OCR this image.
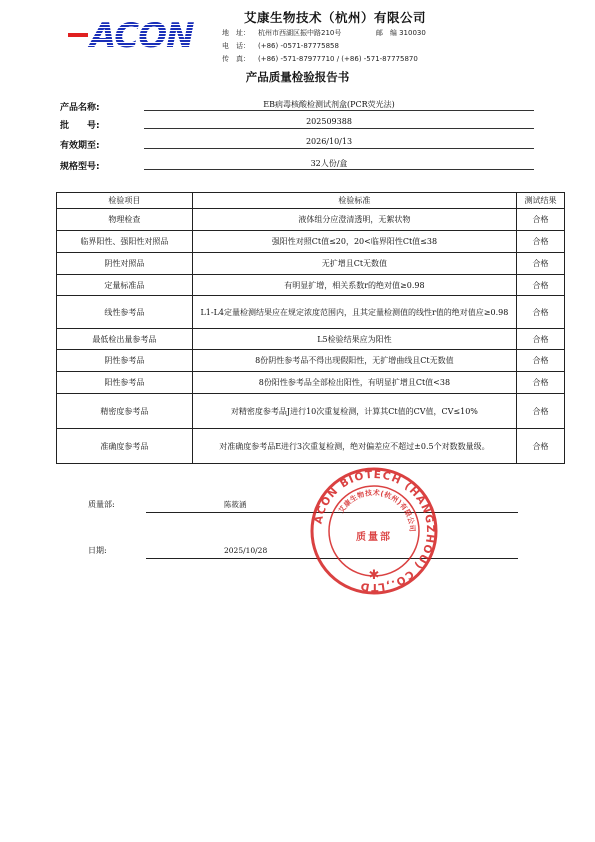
ACON	艾康生物技术（杭州）有限公司
地　址： 杭州市西湖区振中路210号	邮　编 310030
电　话： (+86) -0571-87775858
传　真： (+86) -571-87977710 / (+86) -571-87775870
产品质量检验报告书
产品名称:	EB病毒核酸检测试剂盒(PCR荧光法)
批　　号:	202509388
有效期至:	2026/10/13
规格型号:	32人份/盒
检验项目	检验标准	测试结果
物理检查	液体组分应澄清透明，无絮状物	合格
临界阳性、强阳性对照品	强阳性对照Ct值≤20，20<临界阳性Ct值≤38	合格
阴性对照品	无扩增且Ct无数值	合格
定量标准品	有明显扩增，相关系数r的绝对值≥0.98	合格
线性参考品	L1-L4定量检测结果应在规定浓度范围内，且其定量检测值的线性r值的绝对值应≥0.98	合格
最低检出量参考品	L5检验结果应为阳性	合格
阴性参考品	8份阴性参考品不得出现假阳性，无扩增曲线且Ct无数值	合格
阳性参考品	8份阳性参考品全部检出阳性，有明显扩增且Ct值<38	合格
精密度参考品	对精密度参考品J进行10次重复检测，计算其Ct值的CV值，CV≤10%	合格
准确度参考品	对准确度参考品E进行3次重复检测，绝对偏差应不超过±0.5个对数数量级。	合格
质量部:	陈筱涵
日期:	2025/10/28
ACON BIOTECH (HANGZHOU) CO.,LTD
艾康生物技术(杭州)有限公司
质量部
✱
